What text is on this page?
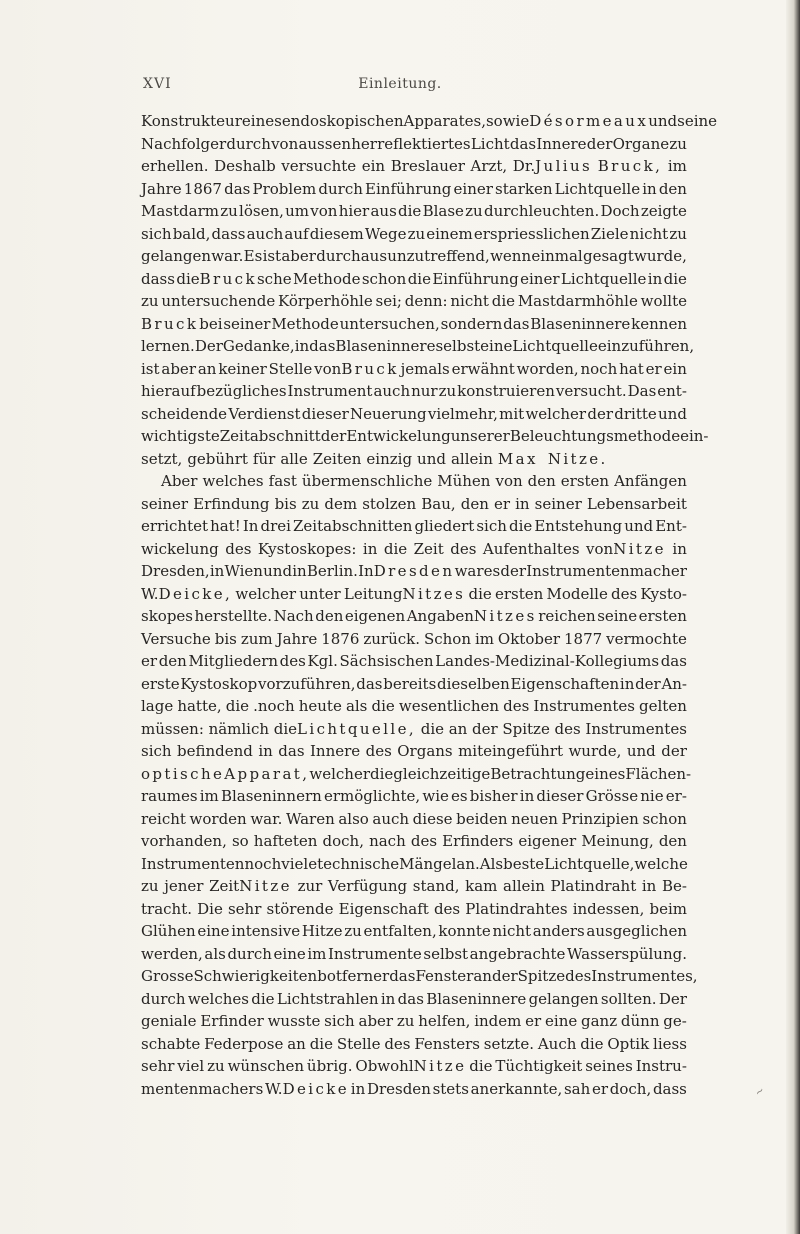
XVI	Einleitung.
Konstrukteur eines endoskopischen Apparates, sowieDésormeaux und seine
Nachfolger durch von aussen her reflektiertes Licht das Innere der Organe zu
erhellen. Deshalb versuchte ein Breslauer Arzt, Dr.Julius Bruck, im
Jahre 1867 das Problem durch Einführung einer starken Lichtquelle in den
Mastdarm zu lösen, um von hier aus die Blase zu durchleuchten. Doch zeigte
sich bald, dass auch auf diesem Wege zu einem erspriesslichen Ziele nicht zu
gelangen war. Es ist aber durchaus unzutreffend, wenn einmal gesagt wurde,
dass dieBrucksche Methode schon die Einführung einer Lichtquelle in die
zu untersuchende Körperhöhle sei; denn: nicht die Mastdarmhöhle wollte
Bruck bei seiner Methode untersuchen, sondern das Blaseninnere kennen
lernen. Der Gedanke, in das Blaseninnere selbst eine Lichtquelle einzuführen,
ist aber an keiner Stelle vonBruck jemals erwähnt worden, noch hat er ein
hierauf bezügliches Instrument auch nur zu konstruieren versucht. Das ent-
scheidende Verdienst dieser Neuerung vielmehr, mit welcher der dritte und
wichtigste Zeitabschnitt der Entwickelung unserer Beleuchtungsmethode ein-
setzt, gebührt für alle Zeiten einzig und allein Max Nitze.
Aber welches fast übermenschliche Mühen von den ersten Anfängen
seiner Erfindung bis zu dem stolzen Bau, den er in seiner Lebensarbeit
errichtet hat! In drei Zeitabschnitten gliedert sich die Entstehung und Ent-
wickelung des Kystoskopes: in die Zeit des Aufenthaltes vonNitze in
Dresden, in Wien und in Berlin. InDresden war es der Instrumentenmacher
W.Deicke, welcher unter LeitungNitzes die ersten Modelle des Kysto-
skopes herstellte. Nach den eigenen AngabenNitzes reichen seine ersten
Versuche bis zum Jahre 1876 zurück. Schon im Oktober 1877 vermochte
er den Mitgliedern des Kgl. Sächsischen Landes-Medizinal-Kollegiums das
erste Kystoskop vorzuführen, das bereits dieselben Eigenschaften in der An-
lage hatte, die .noch heute als die wesentlichen des Instrumentes gelten
müssen: nämlich dieLichtquelle, die an der Spitze des Instrumentes
sich befindend in das Innere des Organs miteingeführt wurde, und der
optische Apparat, welcher die gleichzeitige Betrachtung eines Flächen-
raumes im Blaseninnern ermöglichte, wie es bisher in dieser Grösse nie er-
reicht worden war. Waren also auch diese beiden neuen Prinzipien schon
vorhanden, so hafteten doch, nach des Erfinders eigener Meinung, den
Instrumenten noch viele technische Mängel an. Als beste Lichtquelle, welche
zu jener ZeitNitze zur Verfügung stand, kam allein Platindraht in Be-
tracht. Die sehr störende Eigenschaft des Platindrahtes indessen, beim
Glühen eine intensive Hitze zu entfalten, konnte nicht anders ausgeglichen
werden, als durch eine im Instrumente selbst angebrachte Wasserspülung.
Grosse Schwierigkeiten bot ferner das Fenster an der Spitze des Instrumentes,
durch welches die Lichtstrahlen in das Blaseninnere gelangen sollten. Der
geniale Erfinder wusste sich aber zu helfen, indem er eine ganz dünn ge-
schabte Federpose an die Stelle des Fensters setzte. Auch die Optik liess
sehr viel zu wünschen übrig. ObwohlNitze die Tüchtigkeit seines Instru-
mentenmachers W.Deicke in Dresden stets anerkannte, sah er doch, dass	~
